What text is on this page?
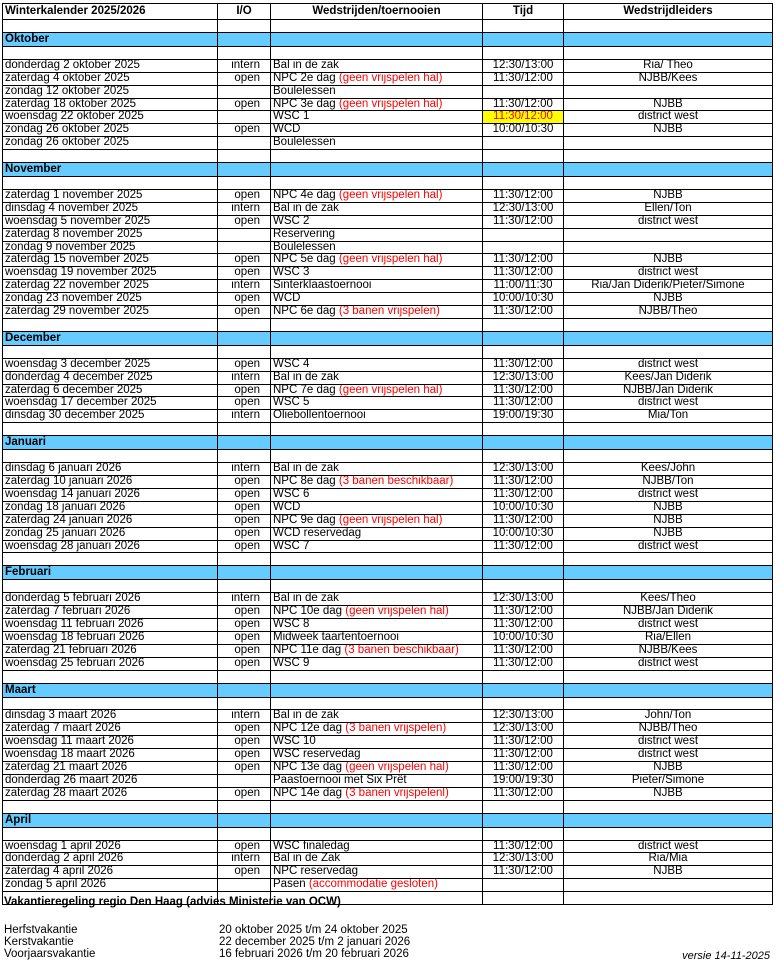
Winterkalender 2025/2026	I/O	Wedstrijden/toernooien	Tijd	Wedstrijdleiders

Oktober				

donderdag 2 oktober 2025	intern	Bal in de zak	12:30/13:00	Ria/ Theo
zaterdag 4 oktober 2025	open	NPC 2e dag (geen vrijspelen hal)	11:30/12:00	NJBB/Kees
zondag 12 oktober 2025		Boulelessen		
zaterdag 18 oktober 2025	open	NPC 3e dag (geen vrijspelen hal)	11:30/12:00	NJBB
woensdag 22 oktober 2025		WSC 1	11:30/12:00	district west
zondag 26 oktober 2025	open	WCD	10:00/10:30	NJBB
zondag 26 oktober 2025		Boulelessen		

November				

zaterdag 1 november 2025	open	NPC 4e dag (geen vrijspelen hal)	11:30/12:00	NJBB
dinsdag 4 november 2025	intern	Bal in de zak	12:30/13:00	Ellen/Ton
woensdag 5 november 2025	open	WSC 2	11:30/12:00	district west
zaterdag 8 november 2025		Reservering		
zondag 9 november 2025		Boulelessen		
zaterdag 15 november 2025	open	NPC 5e dag (geen vrijspelen hal)	11:30/12:00	NJBB
woensdag 19 november 2025	open	WSC 3	11:30/12:00	district west
zaterdag 22 november 2025	intern	Sinterklaastoernooi	11:00/11:30	Ria/Jan Diderik/Pieter/Simone
zondag 23 november 2025	open	WCD	10:00/10:30	NJBB
zaterdag 29 november 2025	open	NPC 6e dag (3 banen vrijspelen)	11:30/12:00	NJBB/Theo

December				

woensdag 3 december 2025	open	WSC 4	11:30/12:00	district west
donderdag 4 december 2025	intern	Bal in de zak	12:30/13:00	Kees/Jan Diderik
zaterdag 6 december 2025	open	NPC 7e dag (geen vrijspelen hal)	11:30/12:00	NJBB/Jan Diderik
woensdag 17 december 2025	open	WSC 5	11:30/12:00	district west
dinsdag 30 december 2025	intern	Oliebollentoernooi	19:00/19:30	Mia/Ton

Januari				

dinsdag 6 januari 2026	intern	Bal in de zak	12:30/13:00	Kees/John
zaterdag 10 januari 2026	open	NPC 8e dag (3 banen beschikbaar)	11:30/12:00	NJBB/Ton
woensdag 14 januari 2026	open	WSC 6	11:30/12:00	district west
zondag 18 januari 2026	open	WCD	10:00/10:30	NJBB
zaterdag 24 januari 2026	open	NPC 9e dag (geen vrijspelen hal)	11:30/12:00	NJBB
zondag 25 januari 2026	open	WCD reservedag	10:00/10:30	NJBB
woensdag 28 januari 2026	open	WSC 7	11:30/12:00	district west

Februari				

donderdag 5 februari 2026	intern	Bal in de zak	12:30/13:00	Kees/Theo
zaterdag 7 februari 2026	open	NPC 10e dag (geen vrijspelen hal)	11:30/12:00	NJBB/Jan Diderik
woensdag 11 februari 2026	open	WSC 8	11:30/12:00	district west
woensdag 18 februari 2026	open	Midweek taartentoernooi	10:00/10:30	Ria/Ellen
zaterdag 21 februari 2026	open	NPC 11e dag (3 banen beschikbaar)	11:30/12:00	NJBB/Kees
woensdag 25 februari 2026	open	WSC 9	11:30/12:00	district west

Maart				

dinsdag 3 maart 2026	intern	Bal in de zak	12:30/13:00	John/Ton
zaterdag 7 maart 2026	open	NPC 12e dag (3 banen vrijspelen)	12:30/13:00	NJBB/Theo
woensdag 11 maart 2026	open	WSC 10	11:30/12:00	district west
woensdag 18 maart 2026	open	WSC reservedag	11:30/12:00	district west
zaterdag 21 maart 2026	open	NPC 13e dag (geen vrijspelen hal)	11:30/12:00	NJBB
donderdag 26 maart 2026		Paastoernooi met Six Prêt	19:00/19:30	Pieter/Simone
zaterdag 28 maart 2026	open	NPC 14e dag (3 banen vrijspelenl)	11:30/12:00	NJBB

April				

woensdag 1 april 2026	open	WSC finaledag	11:30/12:00	district west
donderdag 2 april 2026	intern	Bal in de Zak	12:30/13:00	Ria/Mia
zaterdag 4 april 2026	open	NPC reservedag	11:30/12:00	NJBB
zondag 5 april 2026		Pasen (accommodatie gesloten)		

Vakantieregeling regio Den Haag (advies Ministerie van OCW)
Herfstvakantie	20 oktober 2025 t/m 24 oktober 2025
Kerstvakantie	22 december 2025 t/m 2 januari 2026
Voorjaarsvakantie	16 februari 2026 t/m 20 februari 2026	versie 14-11-2025
